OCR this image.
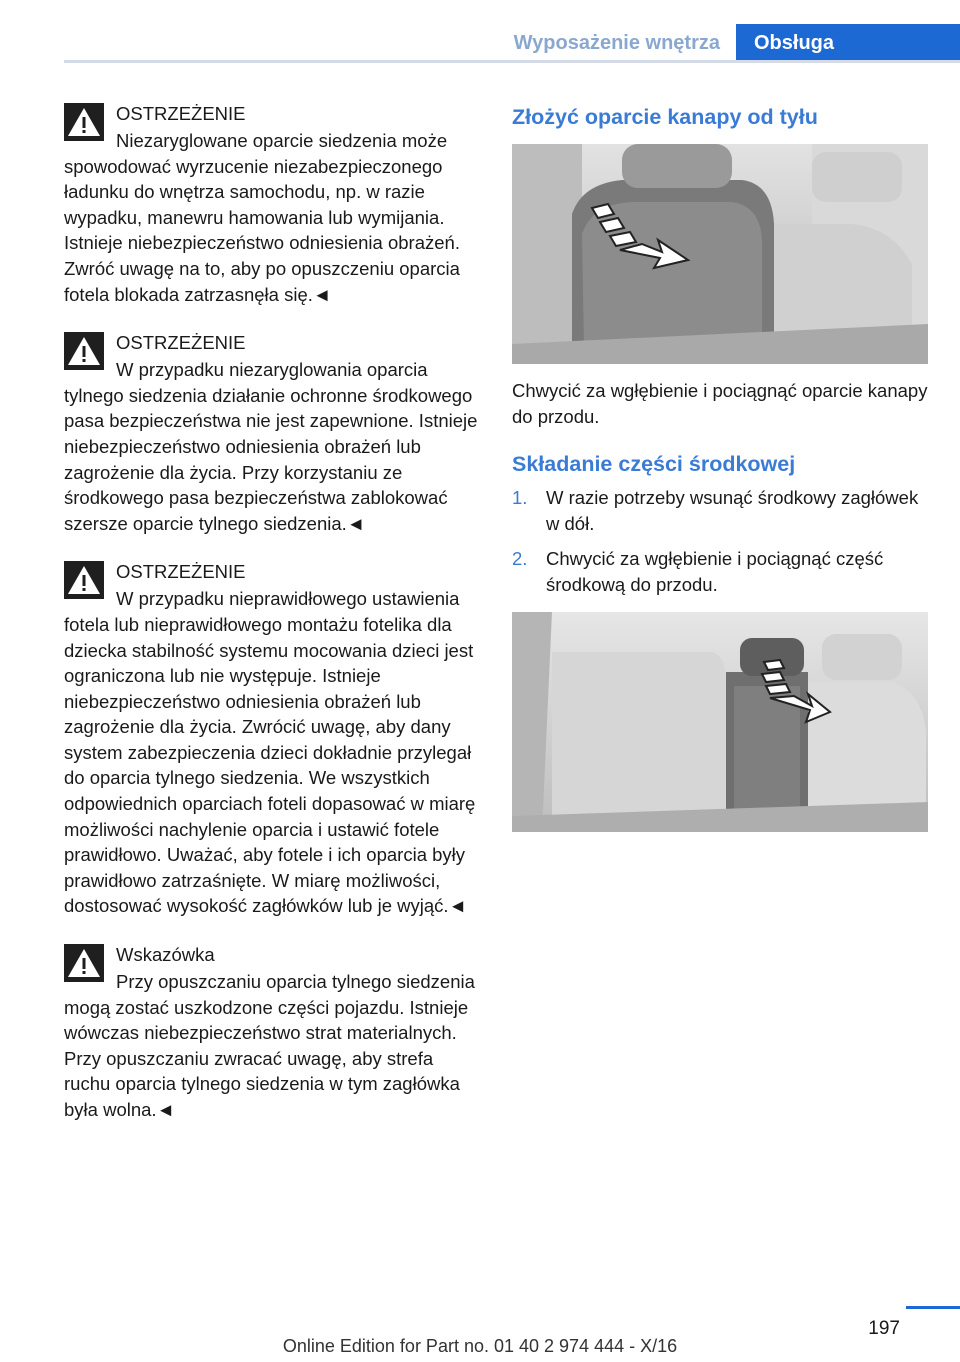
Wyposażenie wnętrza	Obsługa
OSTRZEŻENIE

Niezaryglowane oparcie siedzenia może spowodować wyrzucenie niezabezpieczonego ładunku do wnętrza samochodu, np. w razie wypadku, manewru hamowania lub wymijania. Istnieje niebezpieczeństwo odniesienia obrażeń. Zwróć uwagę na to, aby po opuszczeniu oparcia fotela blokada zatrzasnęła się.◄

OSTRZEŻENIE

W przypadku niezaryglowania oparcia tylnego siedzenia działanie ochronne środkowego pasa bezpieczeństwa nie jest zapewnione. Istnieje niebezpieczeństwo odniesienia obrażeń lub zagrożenie dla życia. Przy korzystaniu ze środkowego pasa bezpieczeństwa zablokować szersze oparcie tylnego siedzenia.◄

OSTRZEŻENIE

W przypadku nieprawidłowego ustawienia fotela lub nieprawidłowego montażu fotelika dla dziecka stabilność systemu mocowania dzieci jest ograniczona lub nie występuje. Istnieje niebezpieczeństwo odniesienia obrażeń lub zagrożenie dla życia. Zwrócić uwagę, aby dany system zabezpieczenia dzieci dokładnie przylegał do oparcia tylnego siedzenia. We wszystkich odpowiednich oparciach foteli dopasować w miarę możliwości nachylenie oparcia i ustawić fotele prawidłowo. Uważać, aby fotele i ich oparcia były prawidłowo zatrzaśnięte. W miarę możliwości, dostosować wysokość zagłówków lub je wyjąć.◄

Wskazówka

Przy opuszczaniu oparcia tylnego siedzenia mogą zostać uszkodzone części pojazdu. Istnieje wówczas niebezpieczeństwo strat materialnych. Przy opuszczaniu zwracać uwagę, aby strefa ruchu oparcia tylnego siedzenia w tym zagłówka była wolna.◄

Złożyć oparcie kanapy od tyłu

Chwycić za wgłębienie i pociągnąć oparcie kanapy do przodu.

Składanie części środkowej
1. W razie potrzeby wsunąć środkowy zagłówek w dół.
2. Chwycić za wgłębienie i pociągnąć część środkową do przodu.
197
Online Edition for Part no. 01 40 2 974 444 - X/16
